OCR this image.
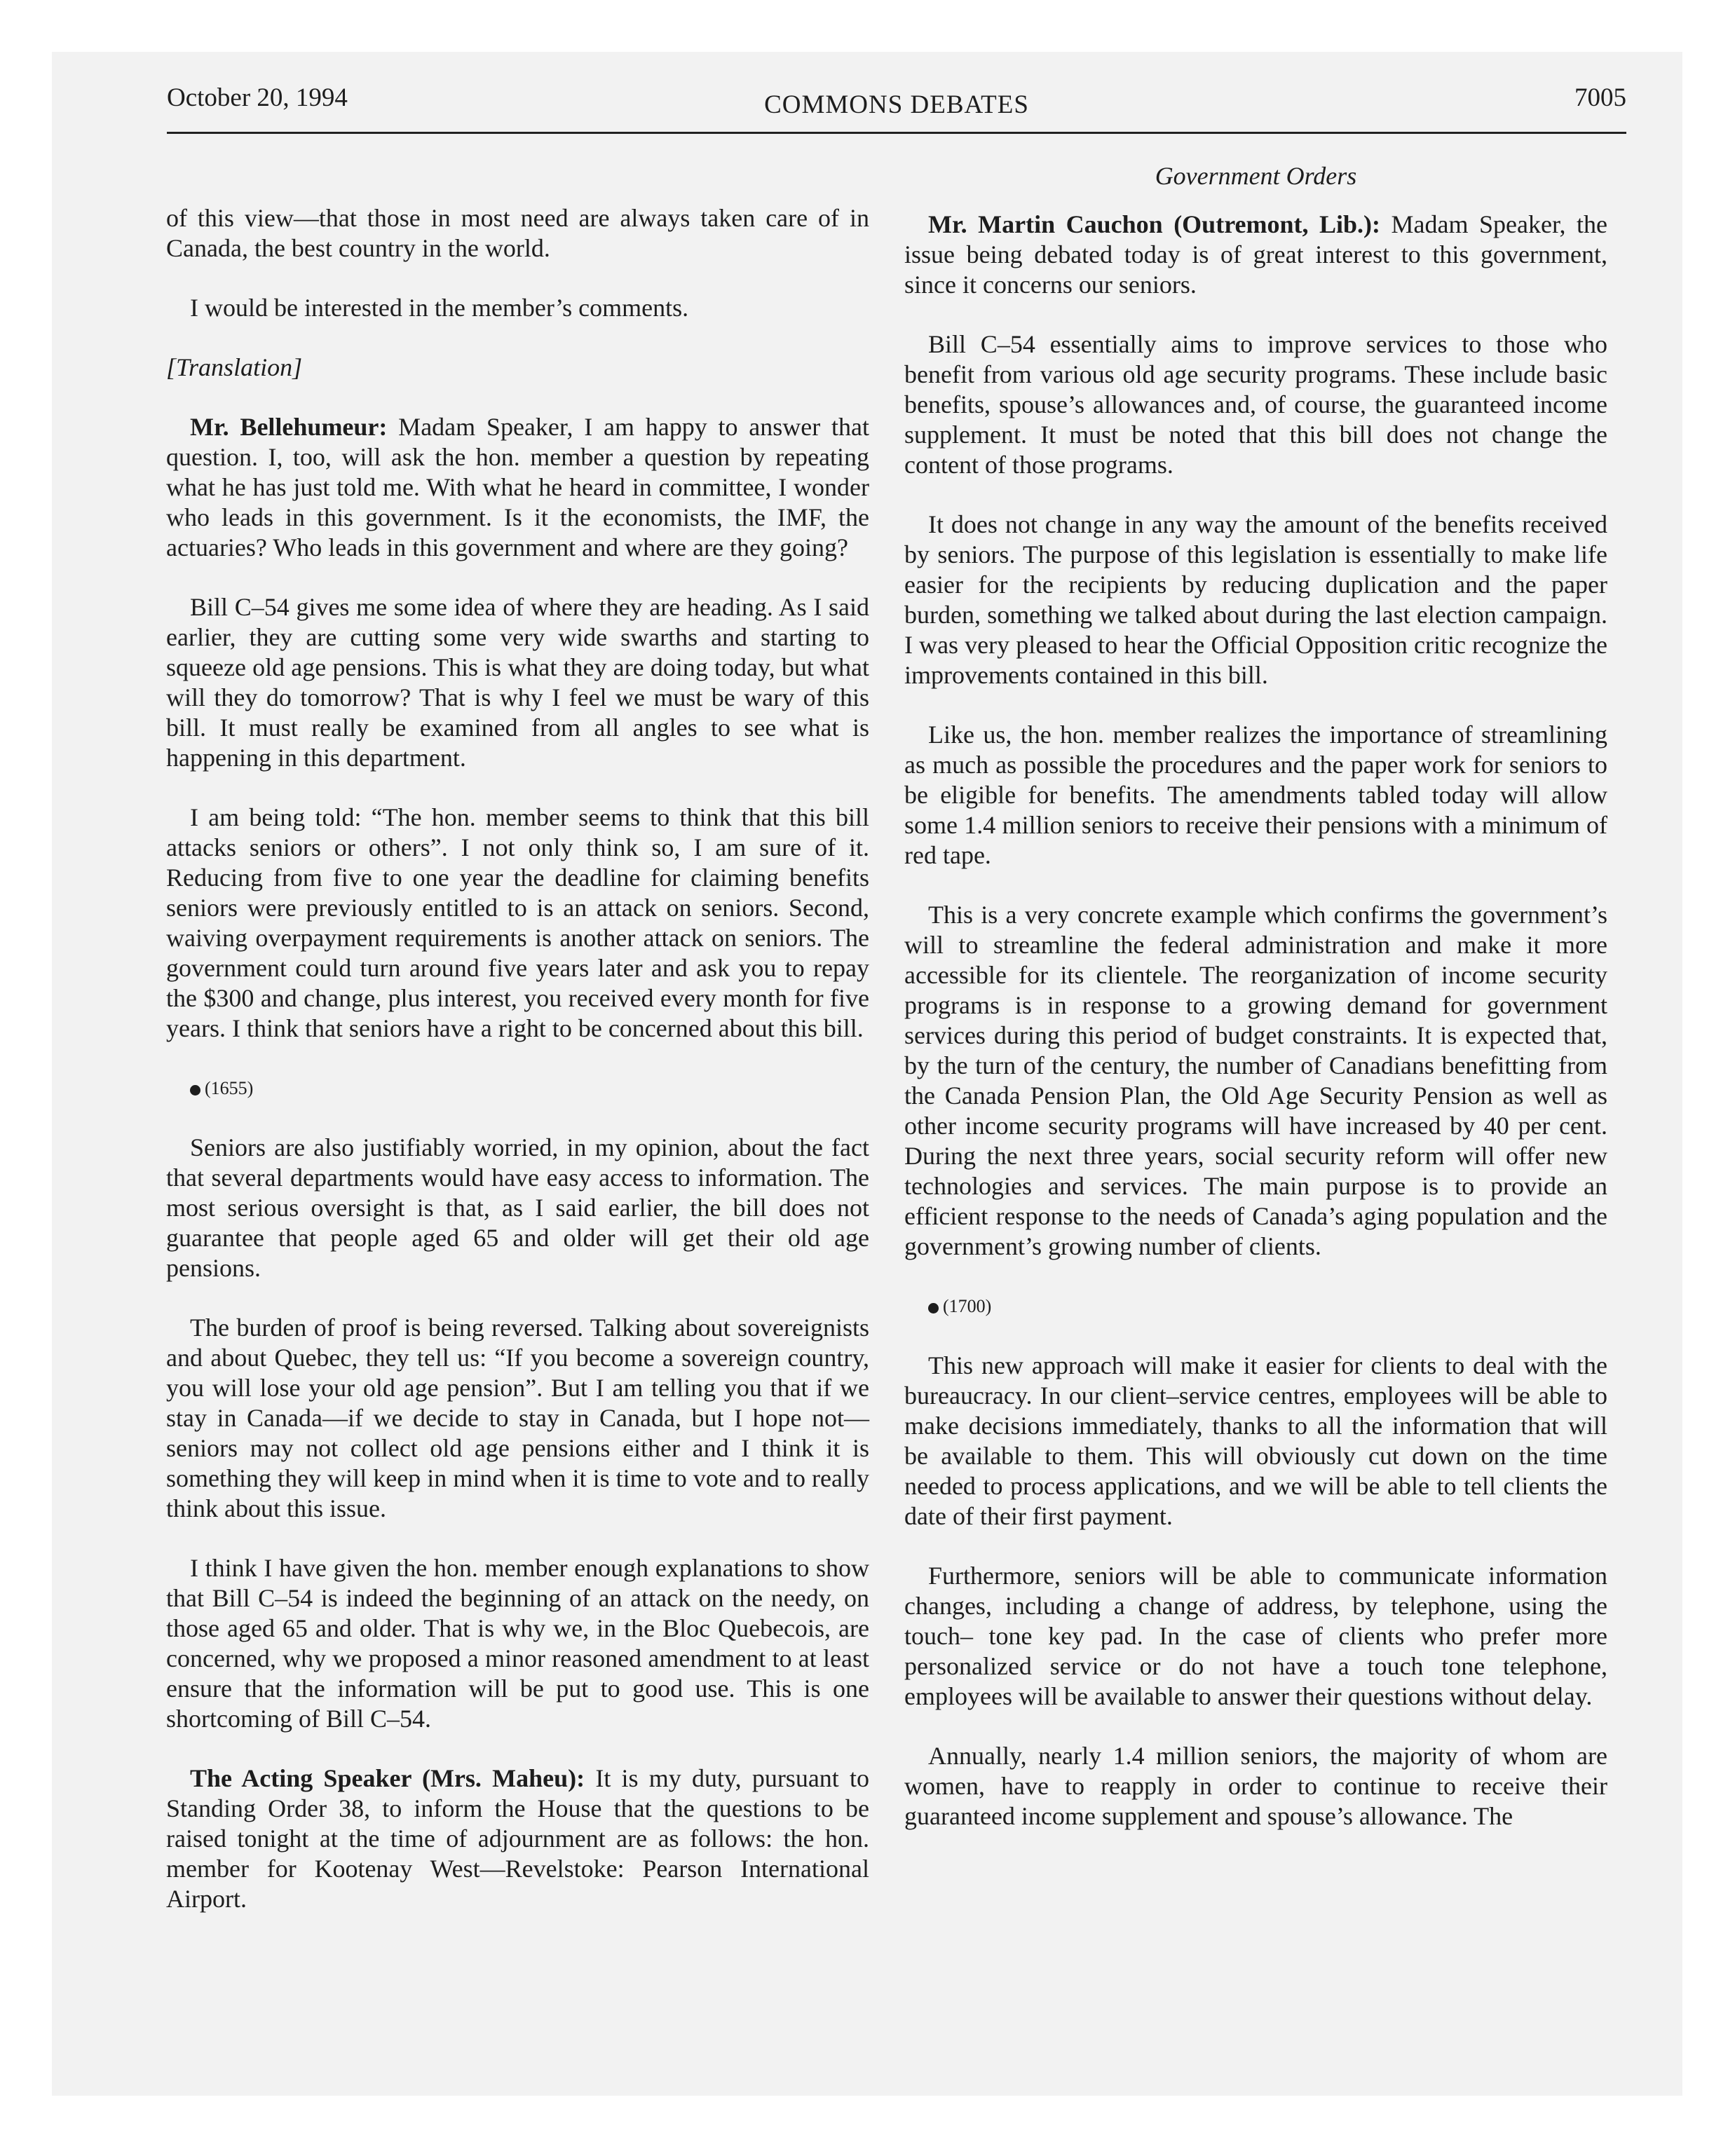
October 20, 1994	COMMONS DEBATES	7005

of this view—that those in most need are always taken care of in Canada, the best country in the world.

I would be interested in the member’s comments.

[Translation]

Mr. Bellehumeur: Madam Speaker, I am happy to answer that question. I, too, will ask the hon. member a question by repeating what he has just told me. With what he heard in committee, I wonder who leads in this government. Is it the economists, the IMF, the actuaries? Who leads in this government and where are they going?

Bill C–54 gives me some idea of where they are heading. As I said earlier, they are cutting some very wide swarths and starting to squeeze old age pensions. This is what they are doing today, but what will they do tomorrow? That is why I feel we must be wary of this bill. It must really be examined from all angles to see what is happening in this department.

I am being told: “The hon. member seems to think that this bill attacks seniors or others”. I not only think so, I am sure of it. Reducing from five to one year the deadline for claiming benefits seniors were previously entitled to is an attack on seniors. Second, waiving overpayment requirements is another attack on seniors. The government could turn around five years later and ask you to repay the $300 and change, plus interest, you received every month for five years. I think that seniors have a right to be concerned about this bill.

(1655)

Seniors are also justifiably worried, in my opinion, about the fact that several departments would have easy access to information. The most serious oversight is that, as I said earlier, the bill does not guarantee that people aged 65 and older will get their old age pensions.

The burden of proof is being reversed. Talking about sovereignists and about Quebec, they tell us: “If you become a sovereign country, you will lose your old age pension”. But I am telling you that if we stay in Canada—if we decide to stay in Canada, but I hope not—seniors may not collect old age pensions either and I think it is something they will keep in mind when it is time to vote and to really think about this issue.

I think I have given the hon. member enough explanations to show that Bill C–54 is indeed the beginning of an attack on the needy, on those aged 65 and older. That is why we, in the Bloc Quebecois, are concerned, why we proposed a minor reasoned amendment to at least ensure that the information will be put to good use. This is one shortcoming of Bill C–54.

The Acting Speaker (Mrs. Maheu): It is my duty, pursuant to Standing Order 38, to inform the House that the questions to be raised tonight at the time of adjournment are as follows: the hon. member for Kootenay West—Revelstoke: Pearson International Airport.

Government Orders

Mr. Martin Cauchon (Outremont, Lib.): Madam Speaker, the issue being debated today is of great interest to this government, since it concerns our seniors.

Bill C–54 essentially aims to improve services to those who benefit from various old age security programs. These include basic benefits, spouse’s allowances and, of course, the guaranteed income supplement. It must be noted that this bill does not change the content of those programs.

It does not change in any way the amount of the benefits received by seniors. The purpose of this legislation is essentially to make life easier for the recipients by reducing duplication and the paper burden, something we talked about during the last election campaign. I was very pleased to hear the Official Opposition critic recognize the improvements contained in this bill.

Like us, the hon. member realizes the importance of streamlining as much as possible the procedures and the paper work for seniors to be eligible for benefits. The amendments tabled today will allow some 1.4 million seniors to receive their pensions with a minimum of red tape.

This is a very concrete example which confirms the government’s will to streamline the federal administration and make it more accessible for its clientele. The reorganization of income security programs is in response to a growing demand for government services during this period of budget constraints. It is expected that, by the turn of the century, the number of Canadians benefitting from the Canada Pension Plan, the Old Age Security Pension as well as other income security programs will have increased by 40 per cent. During the next three years, social security reform will offer new technologies and services. The main purpose is to provide an efficient response to the needs of Canada’s aging population and the government’s growing number of clients.

(1700)

This new approach will make it easier for clients to deal with the bureaucracy. In our client–service centres, employees will be able to make decisions immediately, thanks to all the information that will be available to them. This will obviously cut down on the time needed to process applications, and we will be able to tell clients the date of their first payment.

Furthermore, seniors will be able to communicate information changes, including a change of address, by telephone, using the touch– tone key pad. In the case of clients who prefer more personalized service or do not have a touch tone telephone, employees will be available to answer their questions without delay.

Annually, nearly 1.4 million seniors, the majority of whom are women, have to reapply in order to continue to receive their guaranteed income supplement and spouse’s allowance. The
